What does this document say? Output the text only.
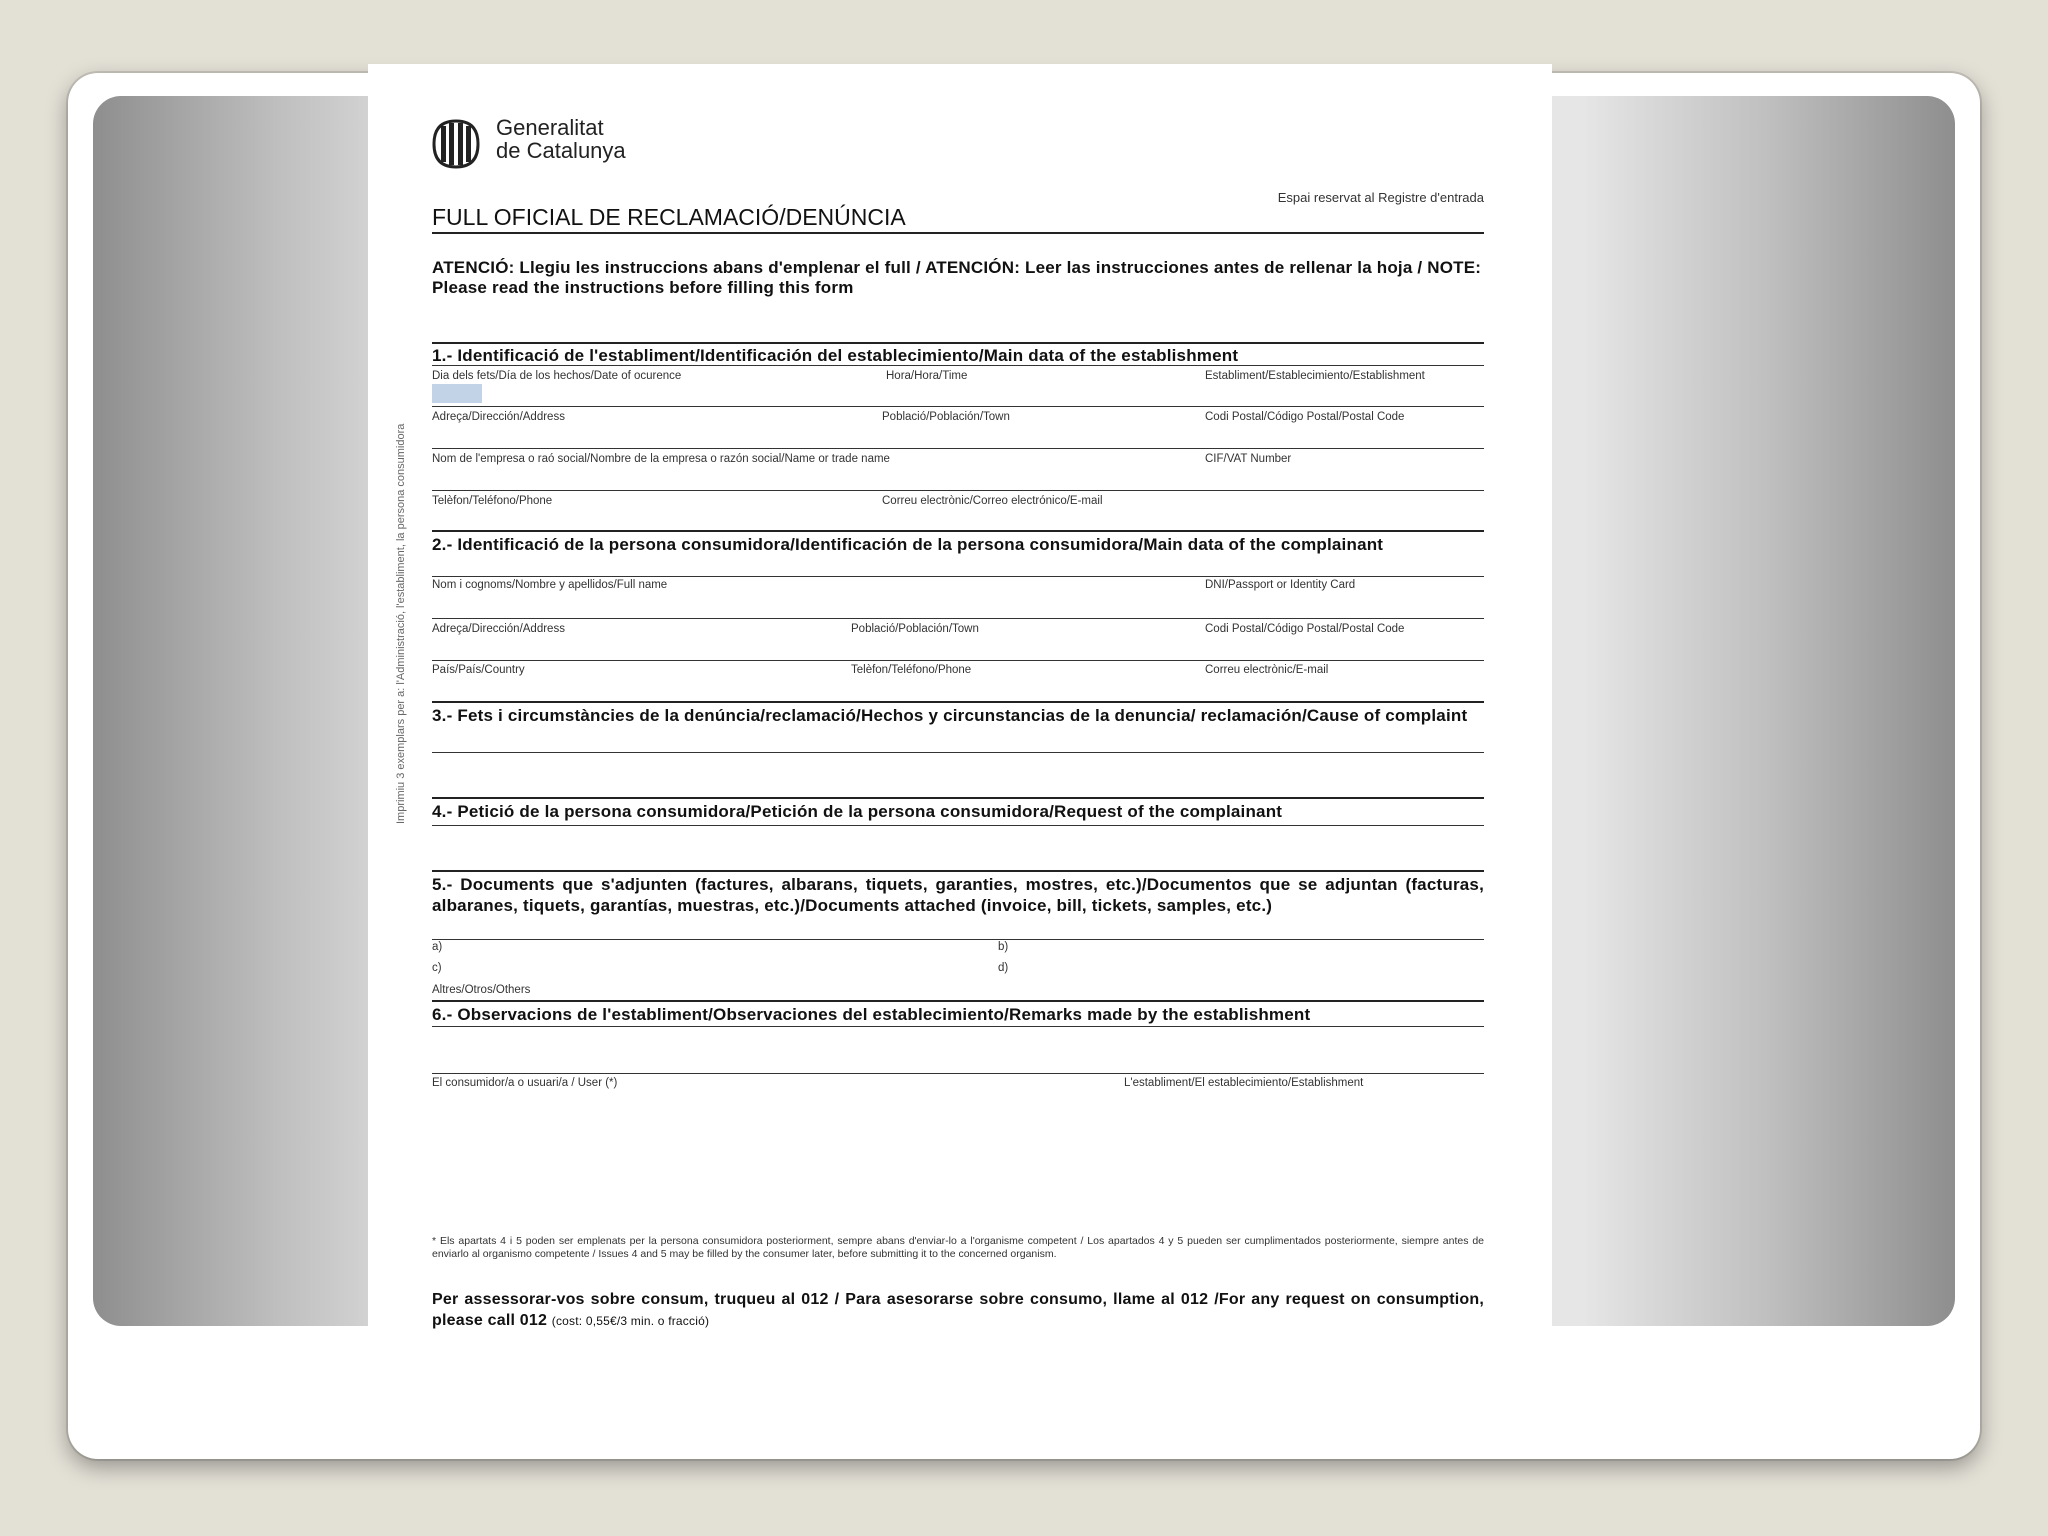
Generalitat
de Catalunya
Espai reservat al Registre d'entrada
FULL OFICIAL DE RECLAMACIÓ/DENÚNCIA
ATENCIÓ: Llegiu les instruccions abans d'emplenar el full / ATENCIÓN: Leer las instrucciones antes de rellenar la hoja / NOTE: Please read the instructions before filling this form
1.- Identificació de l'establiment/Identificación del establecimiento/Main data of the establishment
Dia dels fets/Día de los hechos/Date of ocurence	Hora/Hora/Time	Establiment/Establecimiento/Establishment
Adreça/Dirección/Address	Població/Población/Town	Codi Postal/Código Postal/Postal Code
Nom de l'empresa o raó social/Nombre de la empresa o razón social/Name or trade name	CIF/VAT Number
Telèfon/Teléfono/Phone	Correu electrònic/Correo electrónico/E-mail
2.- Identificació de la persona consumidora/Identificación de la persona consumidora/Main data of the complainant
Nom i cognoms/Nombre y apellidos/Full name	DNI/Passport or Identity Card
Adreça/Dirección/Address	Població/Población/Town	Codi Postal/Código Postal/Postal Code
País/País/Country	Telèfon/Teléfono/Phone	Correu electrònic/E-mail
3.- Fets i circumstàncies de la denúncia/reclamació/Hechos y circunstancias de la denuncia/ reclamación/Cause of complaint
4.- Petició de la persona consumidora/Petición de la persona consumidora/Request of the complainant
5.- Documents que s'adjunten (factures, albarans, tiquets, garanties, mostres, etc.)/Documentos que se adjuntan (facturas, albaranes, tiquets, garantías, muestras, etc.)/Documents attached (invoice, bill, tickets, samples, etc.)
a)	b)
c)	d)
Altres/Otros/Others
6.- Observacions de l'establiment/Observaciones del establecimiento/Remarks made by the establishment
El consumidor/a o usuari/a / User (*)	L'establiment/El establecimiento/Establishment
Imprimiu 3 exemplars per a: l'Administració, l'establiment, la persona consumidora
* Els apartats 4 i 5 poden ser emplenats per la persona consumidora posteriorment, sempre abans d'enviar-lo a l'organisme competent / Los apartados 4 y 5 pueden ser cumplimentados posteriormente, siempre antes de enviarlo al organismo competente / Issues 4 and 5 may be filled by the consumer later, before submitting it to the concerned organism.
Per assessorar-vos sobre consum, truqueu al 012 / Para asesorarse sobre consumo, llame al 012 /For any request on consumption, please call 012 (cost: 0,55€/3 min. o fracció)
